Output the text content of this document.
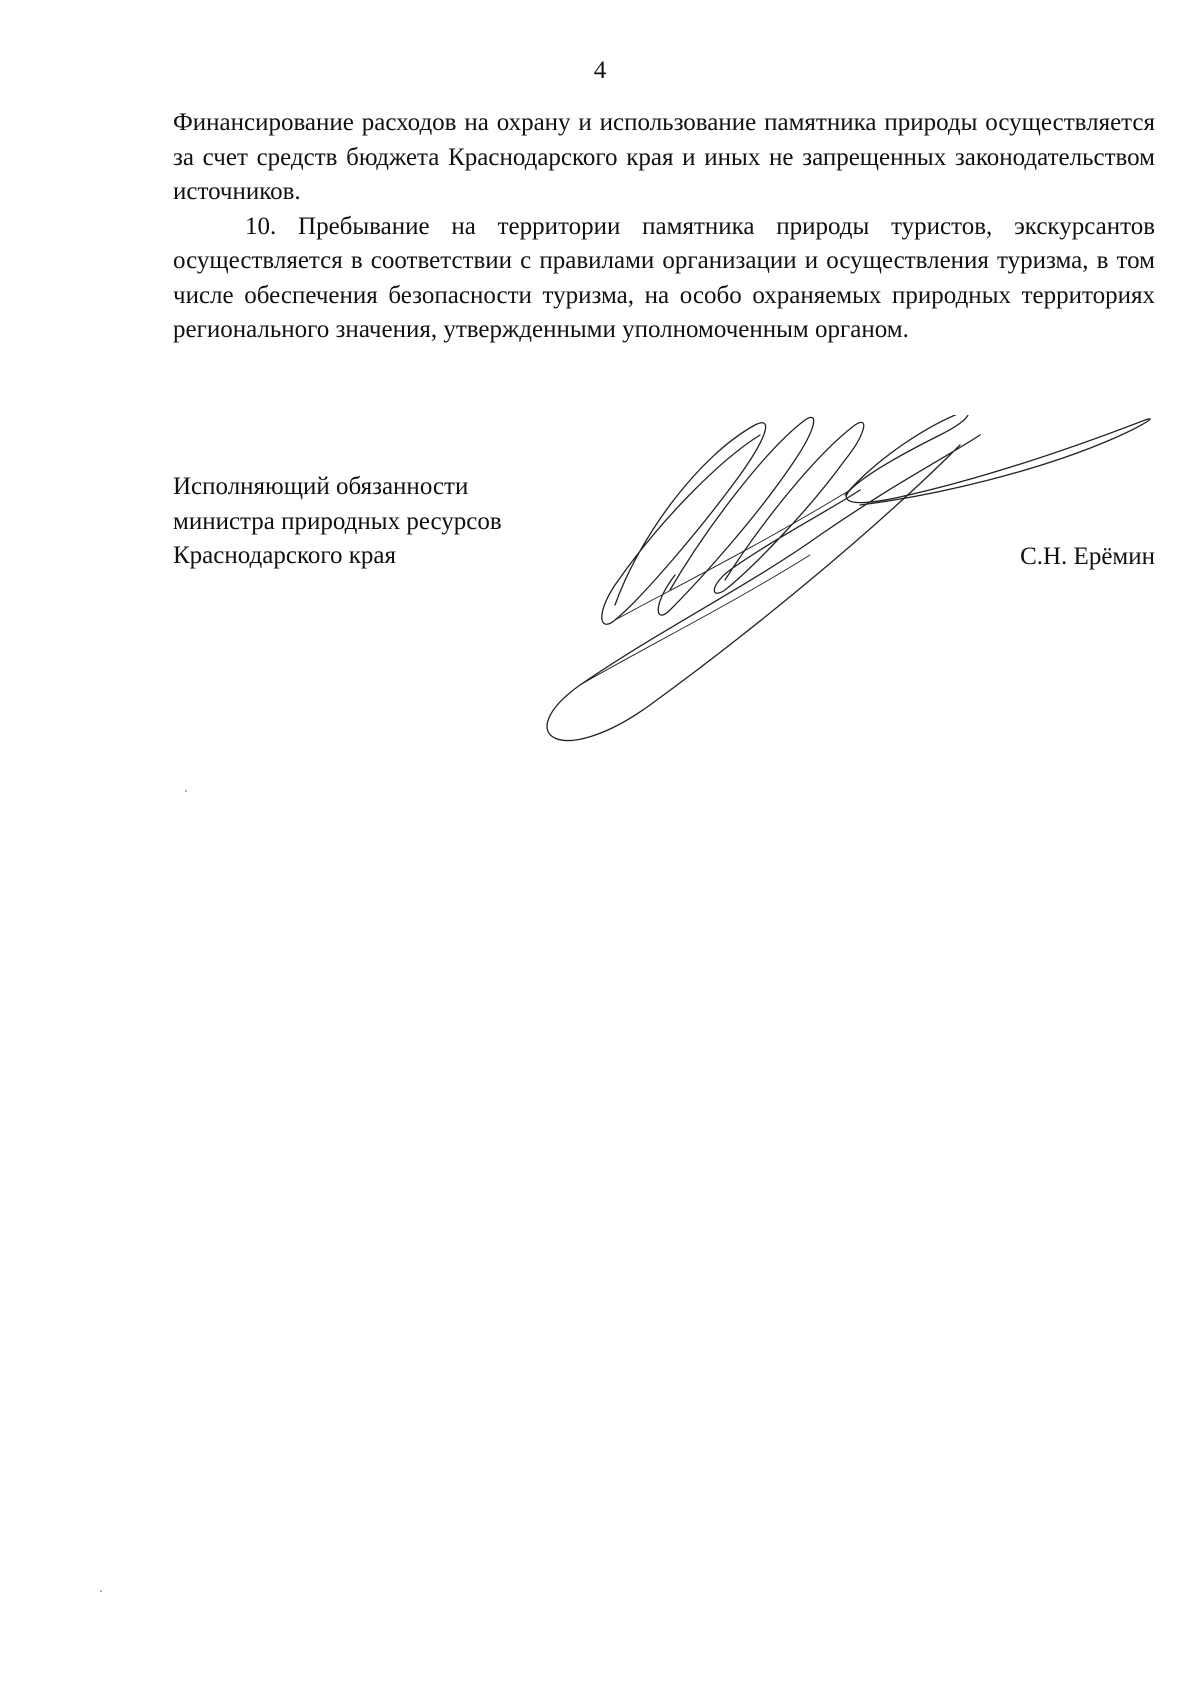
4

Финансирование расходов на охрану и использование памятника природы осуществляется за счет средств бюджета Краснодарского края и иных не запрещенных законодательством источников.

10. Пребывание на территории памятника природы туристов, экскурсантов осуществляется в соответствии с правилами организации и осуществления туризма, в том числе обеспечения безопасности туризма, на особо охраняемых природных территориях регионального значения, утвержденными уполномоченным органом.

Исполняющий обязанности
министра природных ресурсов
Краснодарского края	С.Н. Ерёмин
